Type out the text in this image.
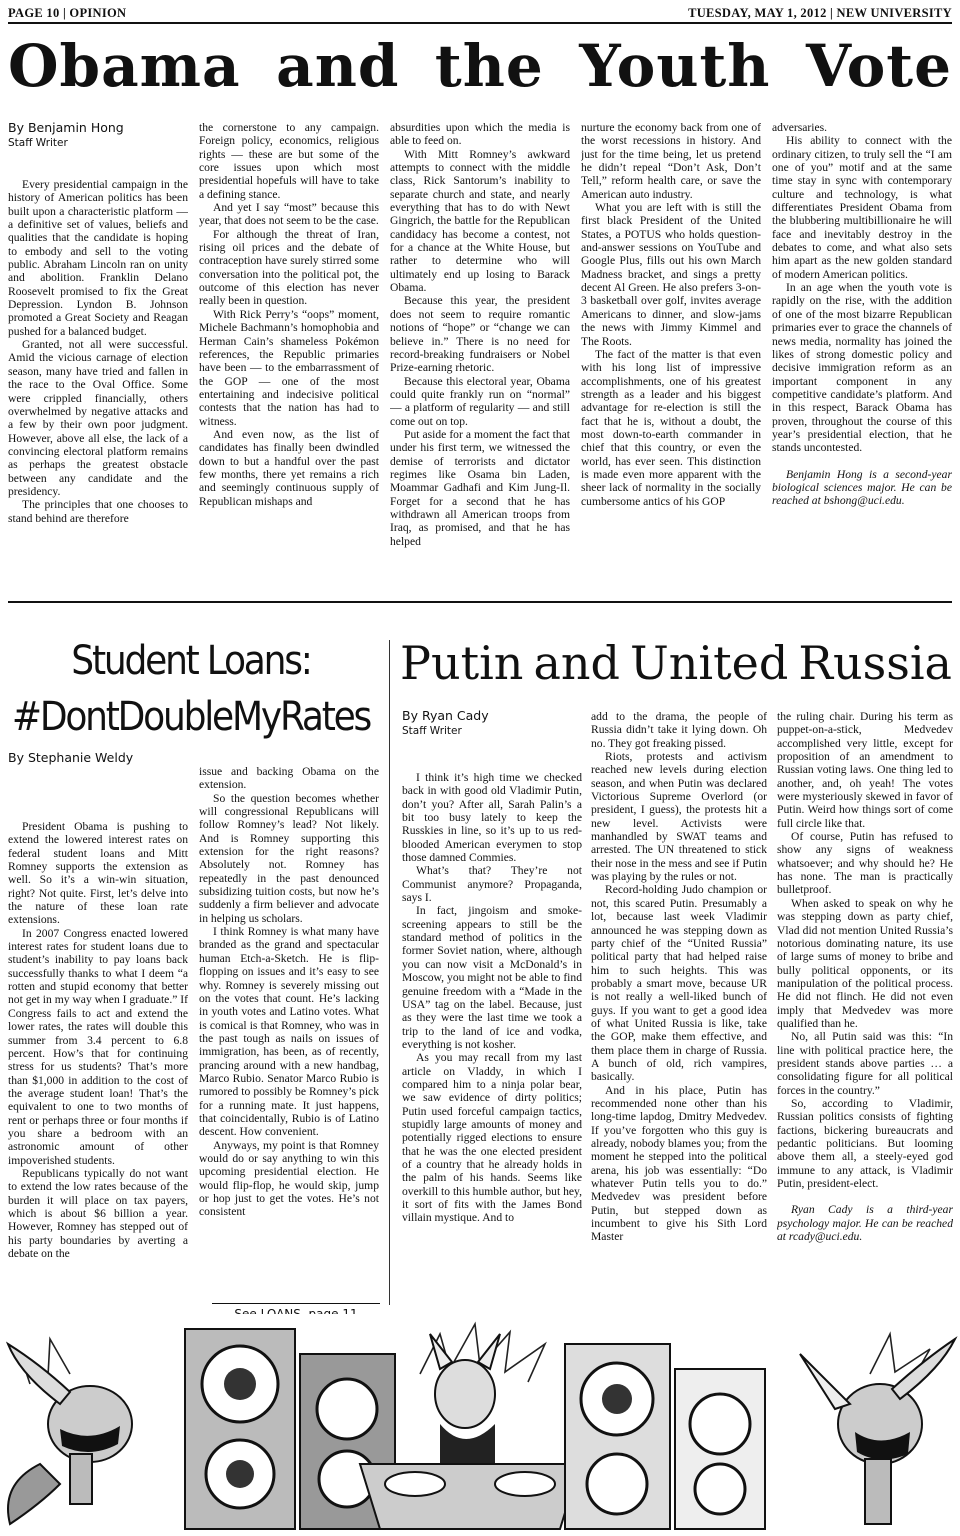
PAGE 10 | OPINION	TUESDAY, MAY 1, 2012 | NEW UNIVERSITY
Obama and the Youth Vote
By Benjamin Hong
Staff Writer

Every presidential campaign in the history of American politics has been built upon a characteristic platform — a definitive set of values, beliefs and qualities that the candidate is hoping to embody and sell to the voting public. Abraham Lincoln ran on unity and abolition. Franklin Delano Roosevelt promised to fix the Great Depression. Lyndon B. Johnson promoted a Great Society and Reagan pushed for a balanced budget.

Granted, not all were successful. Amid the vicious carnage of election season, many have tried and fallen in the race to the Oval Office. Some were crippled financially, others overwhelmed by negative attacks and a few by their own poor judgment. However, above all else, the lack of a convincing electoral platform remains as perhaps the greatest obstacle between any candidate and the presidency.

The principles that one chooses to stand behind are therefore

the cornerstone to any campaign. Foreign policy, economics, religious rights — these are but some of the core issues upon which most presidential hopefuls will have to take a defining stance.

And yet I say “most” because this year, that does not seem to be the case.

For although the threat of Iran, rising oil prices and the debate of contraception have surely stirred some conversation into the political pot, the outcome of this election has never really been in question.

With Rick Perry’s “oops” moment, Michele Bachmann’s homophobia and Herman Cain’s shameless Pokémon references, the Republic primaries have been — to the embarrassment of the GOP — one of the most entertaining and indecisive political contests that the nation has had to witness.

And even now, as the list of candidates has finally been dwindled down to but a handful over the past few months, there yet remains a rich and seemingly continuous supply of Republican mishaps and

absurdities upon which the media is able to feed on.

With Mitt Romney’s awkward attempts to connect with the middle class, Rick Santorum’s inability to separate church and state, and nearly everything that has to do with Newt Gingrich, the battle for the Republican candidacy has become a contest, not for a chance at the White House, but rather to determine who will ultimately end up losing to Barack Obama.

Because this year, the president does not seem to require romantic notions of “hope” or “change we can believe in.” There is no need for record-breaking fundraisers or Nobel Prize-earning rhetoric.

Because this electoral year, Obama could quite frankly run on “normal” — a platform of regularity — and still come out on top.

Put aside for a moment the fact that under his first term, we witnessed the demise of terrorists and dictator regimes like Osama bin Laden, Moammar Gadhafi and Kim Jung-Il. Forget for a second that he has withdrawn all American troops from Iraq, as promised, and that he has helped

nurture the economy back from one of the worst recessions in history. And just for the time being, let us pretend he didn’t repeal “Don’t Ask, Don’t Tell,” reform health care, or save the American auto industry.

What you are left with is still the first black President of the United States, a POTUS who holds question-and-answer sessions on YouTube and Google Plus, fills out his own March Madness bracket, and sings a pretty decent Al Green. He also prefers 3-on-3 basketball over golf, invites average Americans to dinner, and slow-jams the news with Jimmy Kimmel and The Roots.

The fact of the matter is that even with his long list of impressive accomplishments, one of his greatest strength as a leader and his biggest advantage for re-election is still the fact that he is, without a doubt, the most down-to-earth commander in chief that this country, or even the world, has ever seen. This distinction is made even more apparent with the sheer lack of normality in the socially cumbersome antics of his GOP

adversaries.

His ability to connect with the ordinary citizen, to truly sell the “I am one of you” motif and at the same time stay in sync with contemporary culture and technology, is what differentiates President Obama from the blubbering multibillionaire he will face and inevitably destroy in the debates to come, and what also sets him apart as the new golden standard of modern American politics.

In an age when the youth vote is rapidly on the rise, with the addition of one of the most bizarre Republican primaries ever to grace the channels of news media, normality has joined the likes of strong domestic policy and decisive immigration reform as an important component in any competitive candidate’s platform. And in this respect, Barack Obama has proven, throughout the course of this year’s presidential election, that he stands uncontested.

Benjamin Hong is a second-year biological sciences major. He can be reached at bshong@uci.edu.

Student Loans:
#DontDoubleMyRates
By Stephanie Weldy

President Obama is pushing to extend the lowered interest rates on federal student loans and Mitt Romney supports the extension as well. So it’s a win-win situation, right? Not quite. First, let’s delve into the nature of these loan rate extensions.

In 2007 Congress enacted lowered interest rates for student loans due to student’s inability to pay loans back successfully thanks to what I deem “a rotten and stupid economy that better not get in my way when I graduate.” If Congress fails to act and extend the lower rates, the rates will double this summer from 3.4 percent to 6.8 percent. How’s that for continuing stress for us students? That’s more than $1,000 in addition to the cost of the average student loan! That’s the equivalent to one to two months of rent or perhaps three or four months if you share a bedroom with an astronomic amount of other impoverished students.

Republicans typically do not want to extend the low rates because of the burden it will place on tax payers, which is about $6 billion a year. However, Romney has stepped out of his party boundaries by averting a debate on the

issue and backing Obama on the extension.

So the question becomes whether will congressional Republicans will follow Romney’s lead? Not likely. And is Romney supporting this extension for the right reasons? Absolutely not. Romney has repeatedly in the past denounced subsidizing tuition costs, but now he’s suddenly a firm believer and advocate in helping us scholars.

I think Romney is what many have branded as the grand and spectacular human Etch-a-Sketch. He is flip-flopping on issues and it’s easy to see why. Romney is severely missing out on the votes that count. He’s lacking in youth votes and Latino votes. What is comical is that Romney, who was in the past tough as nails on issues of immigration, has been, as of recently, prancing around with a new handbag, Marco Rubio. Senator Marco Rubio is rumored to possibly be Romney’s pick for a running mate. It just happens, that coincidentally, Rubio is of Latino descent. How convenient.

Anyways, my point is that Romney would do or say anything to win this upcoming presidential election. He would flip-flop, he would skip, jump or hop just to get the votes. He’s not consistent

Putin and United Russia
By Ryan Cady
Staff Writer

I think it’s high time we checked back in with good old Vladimir Putin, don’t you? After all, Sarah Palin’s a bit too busy lately to keep the Russkies in line, so it’s up to us red-blooded American everymen to stop those damned Commies.

What’s that? They’re not Communist anymore? Propaganda, says I.

In fact, jingoism and smoke-screening appears to still be the standard method of politics in the former Soviet nation, where, although you can now visit a McDonald’s in Moscow, you might not be able to find genuine freedom with a “Made in the USA” tag on the label. Because, just as they were the last time we took a trip to the land of ice and vodka, everything is not kosher.

As you may recall from my last article on Vladdy, in which I compared him to a ninja polar bear, we saw evidence of dirty politics; Putin used forceful campaign tactics, stupidly large amounts of money and potentially rigged elections to ensure that he was the one elected president of a country that he already holds in the palm of his hands. Seems like overkill to this humble author, but hey, it sort of fits with the James Bond villain mystique. And to

add to the drama, the people of Russia didn’t take it lying down. Oh no. They got freaking pissed.

Riots, protests and activism reached new levels during election season, and when Putin was declared Victorious Supreme Overlord (or president, I guess), the protests hit a new level. Activists were manhandled by SWAT teams and arrested. The UN threatened to stick their nose in the mess and see if Putin was playing by the rules or not.

Record-holding Judo champion or not, this scared Putin. Presumably a lot, because last week Vladimir announced he was stepping down as party chief of the “United Russia” political party that had helped raise him to such heights. This was probably a smart move, because UR is not really a well-liked bunch of guys. If you want to get a good idea of what United Russia is like, take the GOP, make them effective, and them place them in charge of Russia. A bunch of old, rich vampires, basically.

And in his place, Putin has recommended none other than his long-time lapdog, Dmitry Medvedev. If you’ve forgotten who this guy is already, nobody blames you; from the moment he stepped into the political arena, his job was essentially: “Do whatever Putin tells you to do.” Medvedev was president before Putin, but stepped down as incumbent to give his Sith Lord Master

the ruling chair. During his term as puppet-on-a-stick, Medvedev accomplished very little, except for proposition of an amendment to Russian voting laws. One thing led to another, and, oh yeah! The votes were mysteriously skewed in favor of Putin. Weird how things sort of come full circle like that.

Of course, Putin has refused to show any signs of weakness whatsoever; and why should he? He has none. The man is practically bulletproof.

When asked to speak on why he was stepping down as party chief, Vlad did not mention United Russia’s notorious dominating nature, its use of large sums of money to bribe and bully political opponents, or its manipulation of the political process. He did not flinch. He did not even imply that Medvedev was more qualified than he.

No, all Putin said was this: “In line with political practice here, the president stands above parties … a consolidating figure for all political forces in the country.”

So, according to Vladimir, Russian politics consists of fighting factions, bickering bureaucrats and pedantic politicians. But looming above them all, a steely-eyed god immune to any attack, is Vladimir Putin, president-elect.

Ryan Cady is a third-year psychology major. He can be reached at rcady@uci.edu.
